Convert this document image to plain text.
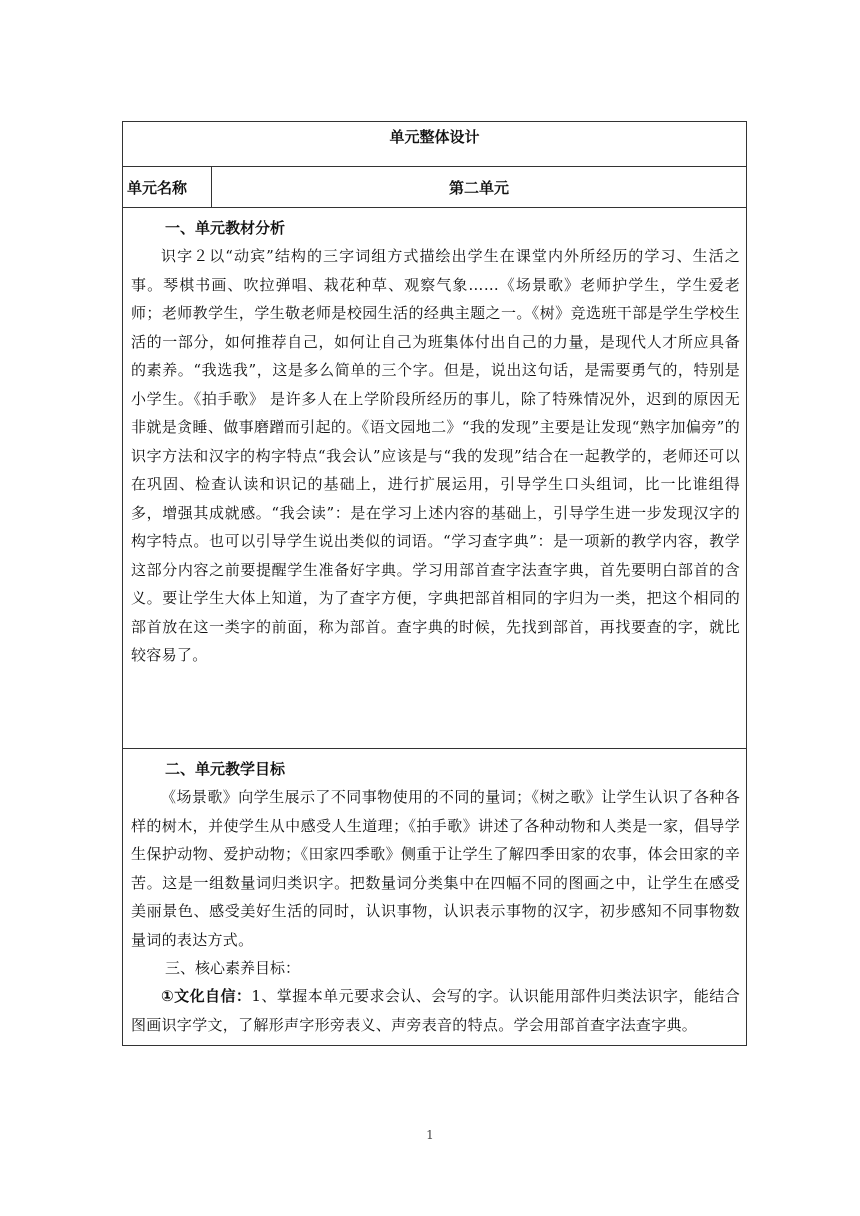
单元整体设计
单元名称	第二单元

一、单元教材分析

识字２以“动宾”结构的三字词组方式描绘出学生在课堂内外所经历的学习、生活之事。琴棋书画、吹拉弹唱、栽花种草、观察气象……《场景歌》老师护学生，学生爱老师；老师教学生，学生敬老师是校园生活的经典主题之一。《树》竞选班干部是学生学校生活的一部分，如何推荐自己，如何让自己为班集体付出自己的力量，是现代人才所应具备的素养。“我选我”，这是多么简单的三个字。但是，说出这句话，是需要勇气的，特别是小学生。《拍手歌》 是许多人在上学阶段所经历的事儿，除了特殊情况外，迟到的原因无非就是贪睡、做事磨蹭而引起的。《语文园地二》“我的发现”主要是让发现“熟字加偏旁”的识字方法和汉字的构字特点“我会认”应该是与“我的发现”结合在一起教学的，老师还可以在巩固、检查认读和识记的基础上，进行扩展运用，引导学生口头组词，比一比谁组得多，增强其成就感。“我会读”：是在学习上述内容的基础上，引导学生进一步发现汉字的构字特点。也可以引导学生说出类似的词语。“学习查字典”：是一项新的教学内容，教学这部分内容之前要提醒学生准备好字典。学习用部首查字法查字典，首先要明白部首的含义。要让学生大体上知道，为了查字方便，字典把部首相同的字归为一类，把这个相同的部首放在这一类字的前面，称为部首。查字典的时候，先找到部首，再找要查的字，就比较容易了。

二、单元教学目标

《场景歌》向学生展示了不同事物使用的不同的量词；《树之歌》让学生认识了各种各样的树木，并使学生从中感受人生道理；《拍手歌》讲述了各种动物和人类是一家，倡导学生保护动物、爱护动物；《田家四季歌》侧重于让学生了解四季田家的农事，体会田家的辛苦。这是一组数量词归类识字。把数量词分类集中在四幅不同的图画之中，让学生在感受美丽景色、感受美好生活的同时，认识事物，认识表示事物的汉字，初步感知不同事物数量词的表达方式。

三、核心素养目标：

①文化自信：1、掌握本单元要求会认、会写的字。认识能用部件归类法识字，能结合图画识字学文，了解形声字形旁表义、声旁表音的特点。学会用部首查字法查字典。

1
